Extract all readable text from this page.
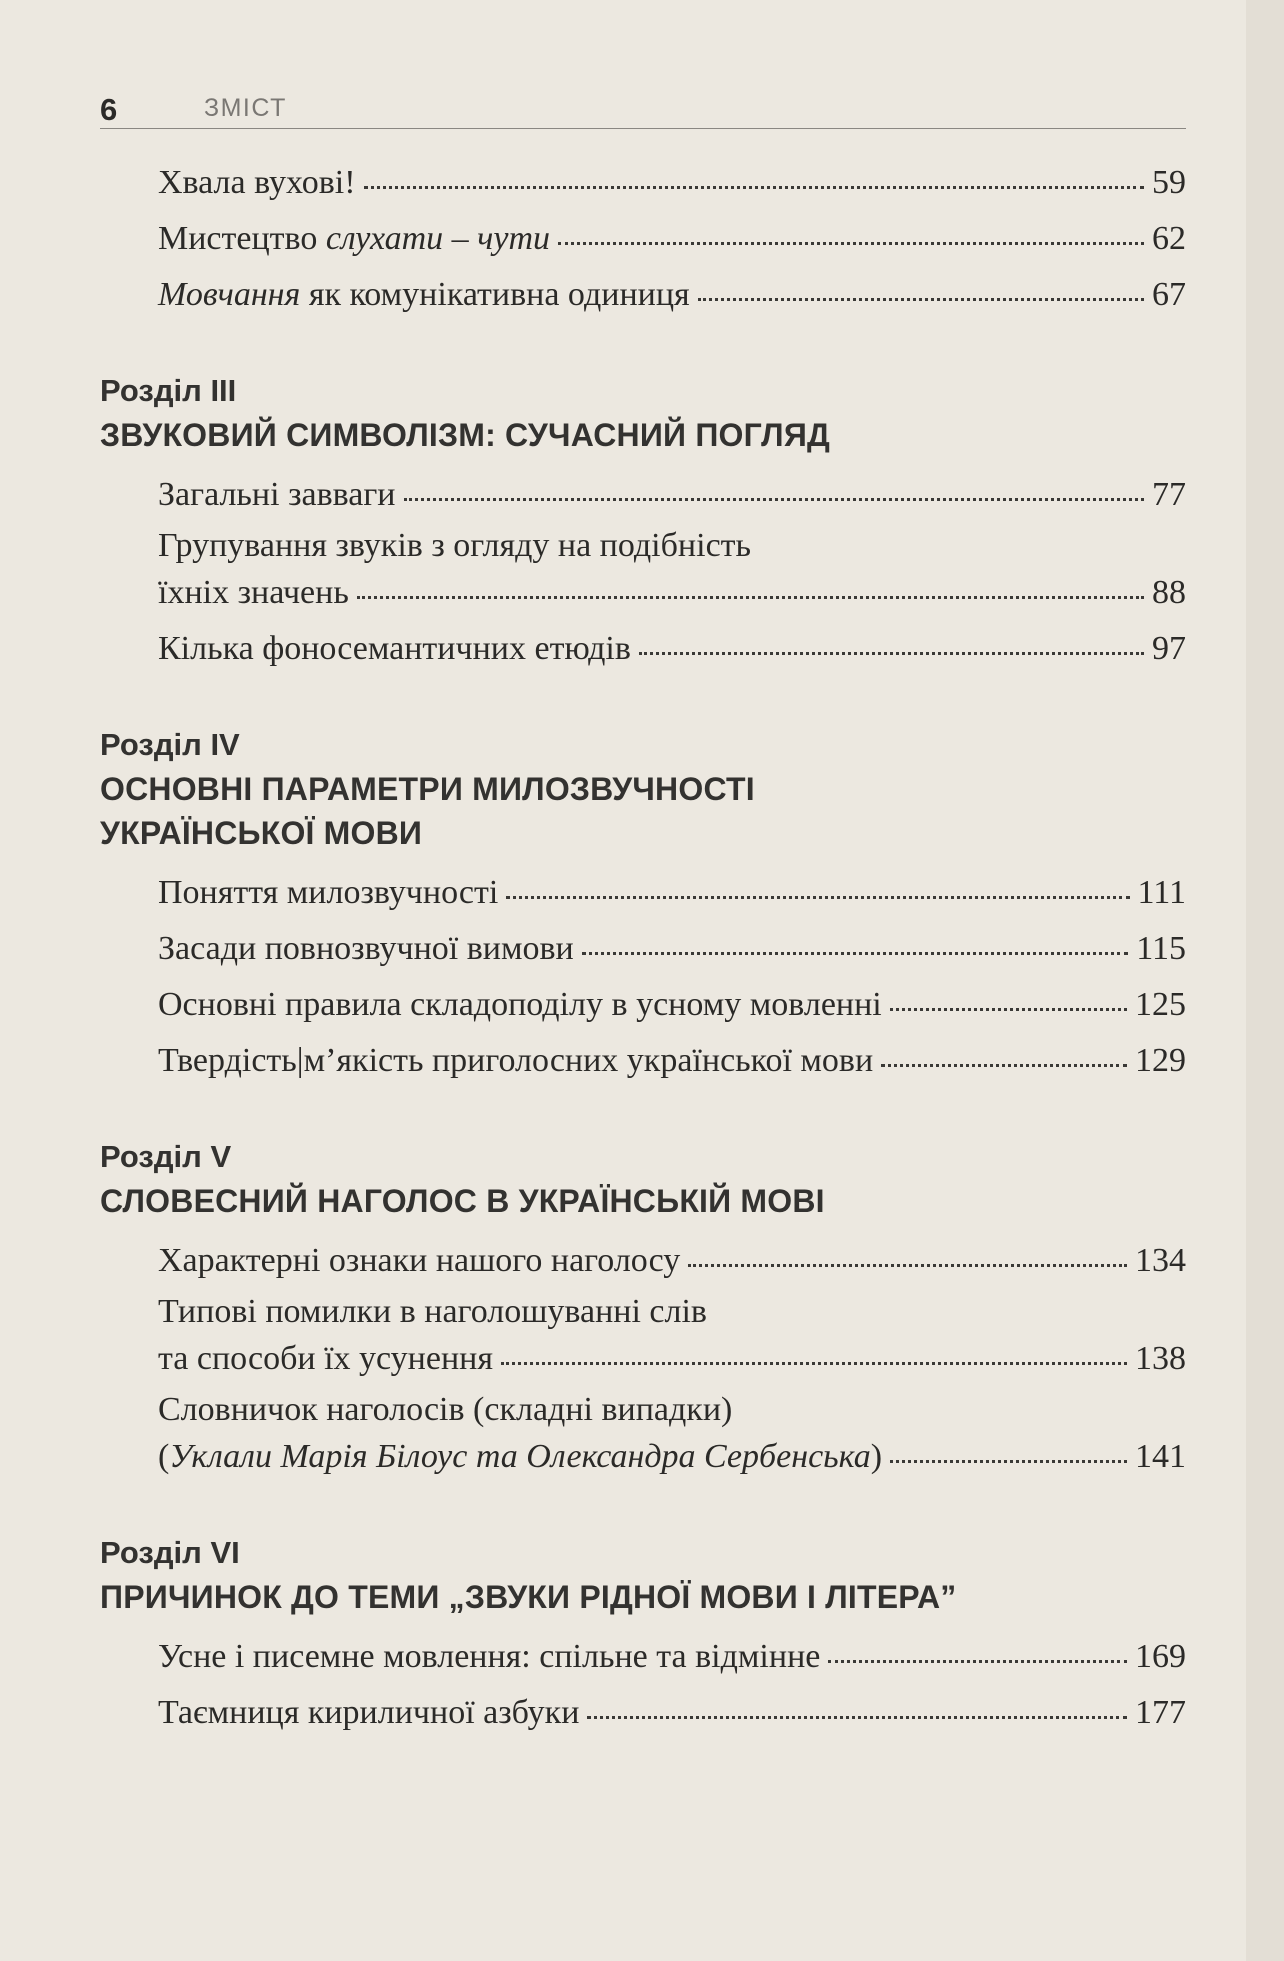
6	ЗМІСТ
Хвала вуховi!	59
Мистецтво слухати – чути	62
Мовчання як комунікативна одиниця	67
Розділ III
ЗВУКОВИЙ СИМВОЛІЗМ: СУЧАСНИЙ ПОГЛЯД
Загальні завваги	77
Групування звуків з огляду на подібність
їхніх значень	88
Кілька фоносемантичних етюдів	97
Розділ IV
ОСНОВНІ ПАРАМЕТРИ МИЛОЗВУЧНОСТІ
УКРАЇНСЬКОЇ МОВИ
Поняття милозвучності	111
Засади повнозвучної вимови	115
Основні правила складоподілу в усному мовленні	125
Твердість|м’якість приголосних української мови	129
Розділ V
СЛОВЕСНИЙ НАГОЛОС В УКРАЇНСЬКІЙ МОВІ
Характерні ознаки нашого наголосу	134
Типові помилки в наголошуванні слів
та способи їх усунення	138
Словничок наголосів (складні випадки)
(Уклали Марія Білоус та Олександра Сербенська)	141
Розділ VI
ПРИЧИНОК ДО ТЕМИ „ЗВУКИ РІДНОЇ МОВИ І ЛІТЕРА”
Усне і писемне мовлення: спільне та відмінне	169
Таємниця кириличної азбуки	177
